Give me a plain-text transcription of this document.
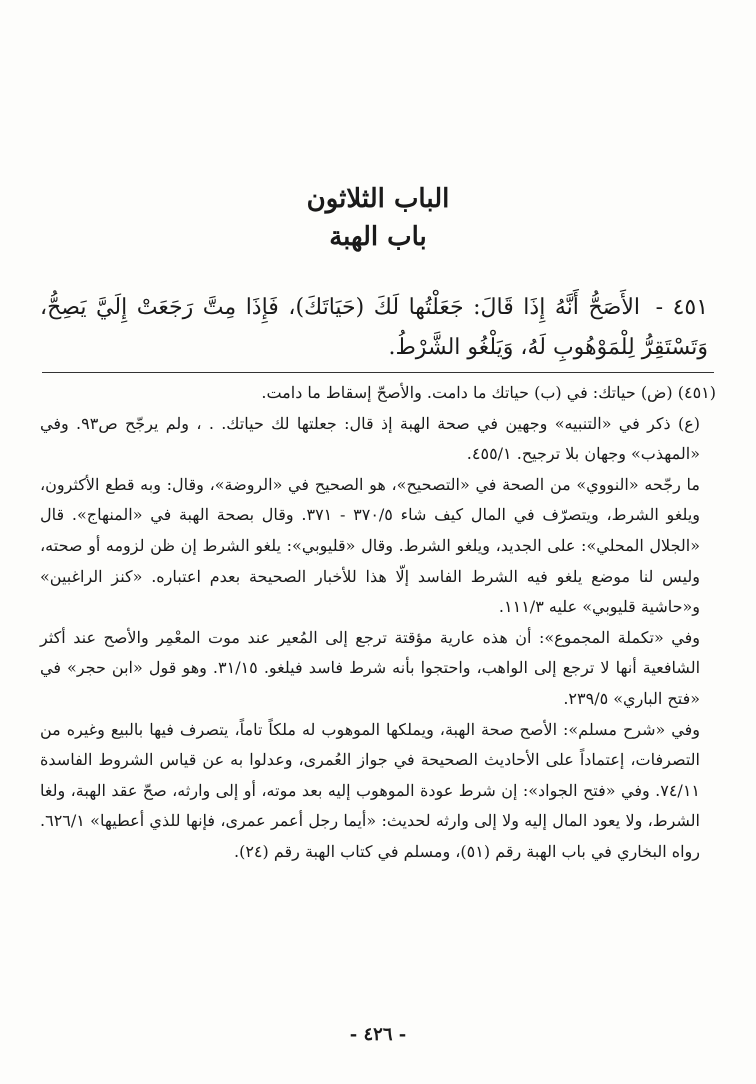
الباب الثلاثون
باب الهبة
٤٥١ - الأَصَحُّ أَنَّهُ إِذَا قَالَ: جَعَلْتُها لَكَ (حَيَاتَكَ)، فَإِذَا مِتَّ رَجَعَتْ إِلَيَّ يَصِحُّ، وَتَسْتَقِرُّ لِلْمَوْهُوبِ لَهُ، وَيَلْغُو الشَّرْطُ.

(٤٥١) (ض) حياتك: في (ب) حياتك ما دامت. والأصحّ إسقاط ما دامت.

(ع) ذكر في «التنبيه» وجهين في صحة الهبة إذ قال: جعلتها لك حياتك. . ، ولم يرجّح ص٩٣. وفي «المهذب» وجهان بلا ترجيح. ٤٥٥/١.

ما رجّحه «النووي» من الصحة في «التصحيح»، هو الصحيح في «الروضة»، وقال: وبه قطع الأكثرون، ويلغو الشرط، ويتصرّف في المال كيف شاء ٣٧٠/٥ - ٣٧١. وقال بصحة الهبة في «المنهاج». قال «الجلال المحلي»: على الجديد، ويلغو الشرط. وقال «قليوبي»: يلغو الشرط إن ظن لزومه أو صحته، وليس لنا موضع يلغو فيه الشرط الفاسد إلّا هذا للأخبار الصحيحة بعدم اعتباره. «كنز الراغبين» و«حاشية قليوبي» عليه ١١١/٣.

وفي «تكملة المجموع»: أن هذه عارية مؤقتة ترجع إلى المُعير عند موت المعْمِر والأصح عند أكثر الشافعية أنها لا ترجع إلى الواهب، واحتجوا بأنه شرط فاسد فيلغو. ٣١/١٥. وهو قول «ابن حجر» في «فتح الباري» ٢٣٩/٥.

وفي «شرح مسلم»: الأصح صحة الهبة، ويملكها الموهوب له ملكاً تاماً، يتصرف فيها بالبيع وغيره من التصرفات، إعتماداً على الأحاديث الصحيحة في جواز العُمرى، وعدلوا به عن قياس الشروط الفاسدة ٧٤/١١. وفي «فتح الجواد»: إن شرط عودة الموهوب إليه بعد موته، أو إلى وارثه، صحّ عقد الهبة، ولغا الشرط، ولا يعود المال إليه ولا إلى وارثه لحديث: «أيما رجل أعمر عمرى، فإنها للذي أعطيها» ٦٢٦/١. رواه البخاري في باب الهبة رقم (٥١)، ومسلم في كتاب الهبة رقم (٢٤).

- ٤٢٦ -
